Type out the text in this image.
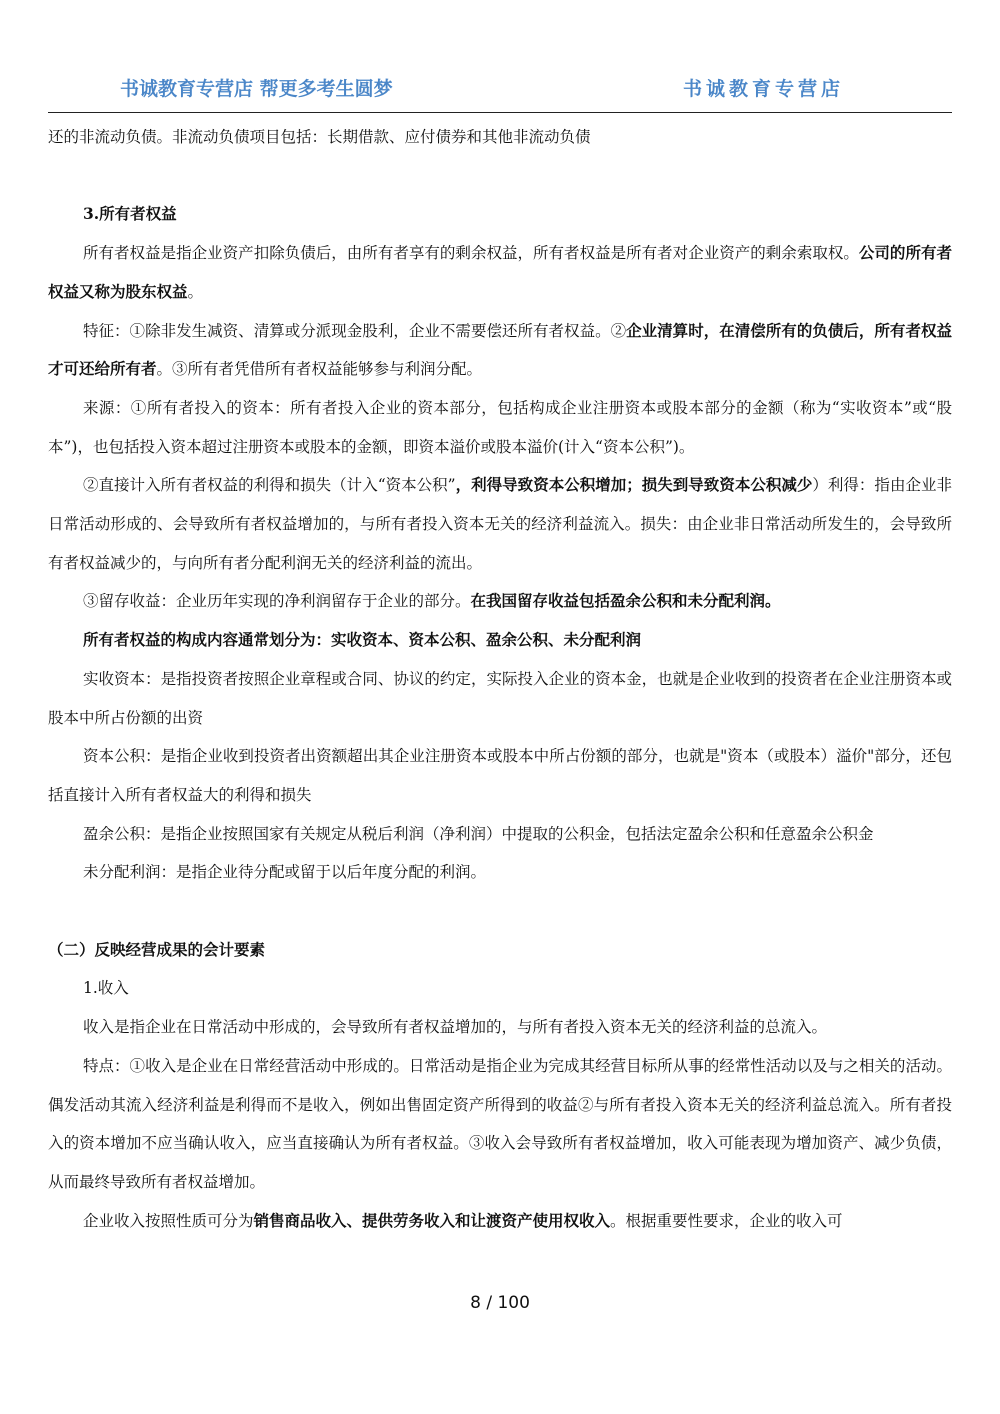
书诚教育专营店 帮更多考生圆梦	书诚教育专营店

还的非流动负债。非流动负债项目包括：长期借款、应付债券和其他非流动负债

3.所有者权益

所有者权益是指企业资产扣除负债后，由所有者享有的剩余权益，所有者权益是所有者对企业资产的剩余索取权。公司的所有者权益又称为股东权益。

特征：①除非发生减资、清算或分派现金股利，企业不需要偿还所有者权益。②企业清算时，在清偿所有的负债后，所有者权益才可还给所有者。③所有者凭借所有者权益能够参与利润分配。

来源：①所有者投入的资本：所有者投入企业的资本部分，包括构成企业注册资本或股本部分的金额（称为“实收资本”或“股本”)，也包括投入资本超过注册资本或股本的金额，即资本溢价或股本溢价(计入“资本公积”)。

②直接计入所有者权益的利得和损失（计入“资本公积”，利得导致资本公积增加；损失到导致资本公积减少）利得：指由企业非日常活动形成的、会导致所有者权益增加的，与所有者投入资本无关的经济利益流入。损失：由企业非日常活动所发生的，会导致所有者权益减少的，与向所有者分配利润无关的经济利益的流出。

③留存收益：企业历年实现的净利润留存于企业的部分。在我国留存收益包括盈余公积和未分配利润。

所有者权益的构成内容通常划分为：实收资本、资本公积、盈余公积、未分配利润

实收资本：是指投资者按照企业章程或合同、协议的约定，实际投入企业的资本金，也就是企业收到的投资者在企业注册资本或股本中所占份额的出资

资本公积：是指企业收到投资者出资额超出其企业注册资本或股本中所占份额的部分，也就是"资本（或股本）溢价"部分，还包括直接计入所有者权益大的利得和损失

盈余公积：是指企业按照国家有关规定从税后利润（净利润）中提取的公积金，包括法定盈余公积和任意盈余公积金

未分配利润：是指企业待分配或留于以后年度分配的利润。

（二）反映经营成果的会计要素

1.收入

收入是指企业在日常活动中形成的，会导致所有者权益增加的，与所有者投入资本无关的经济利益的总流入。

特点：①收入是企业在日常经营活动中形成的。日常活动是指企业为完成其经营目标所从事的经常性活动以及与之相关的活动。偶发活动其流入经济利益是利得而不是收入，例如出售固定资产所得到的收益②与所有者投入资本无关的经济利益总流入。所有者投入的资本增加不应当确认收入，应当直接确认为所有者权益。③收入会导致所有者权益增加，收入可能表现为增加资产、减少负债，从而最终导致所有者权益增加。

企业收入按照性质可分为销售商品收入、提供劳务收入和让渡资产使用权收入。根据重要性要求，企业的收入可

8 / 100
